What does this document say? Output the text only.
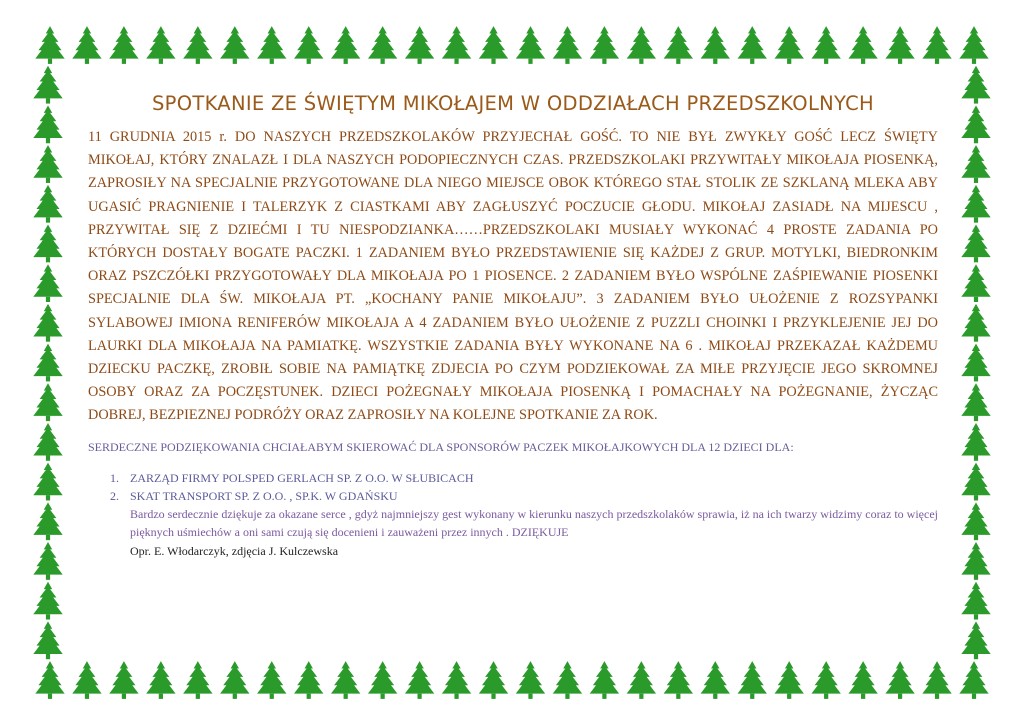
SPOTKANIE ZE ŚWIĘTYM MIKOŁAJEM W ODDZIAŁACH PRZEDSZKOLNYCH

11 GRUDNIA 2015 r. DO NASZYCH PRZEDSZKOLAKÓW PRZYJECHAŁ GOŚĆ. TO NIE BYŁ ZWYKŁY GOŚĆ LECZ ŚWIĘTY MIKOŁAJ, KTÓRY ZNALAZŁ I DLA NASZYCH PODOPIECZNYCH CZAS. PRZEDSZKOLAKI PRZYWITAŁY MIKOŁAJA PIOSENKĄ, ZAPROSIŁY NA SPECJALNIE PRZYGOTOWANE DLA NIEGO MIEJSCE OBOK KTÓREGO STAŁ STOLIK ZE SZKLANĄ MLEKA ABY UGASIĆ PRAGNIENIE I TALERZYK Z CIASTKAMI ABY ZAGŁUSZYĆ POCZUCIE GŁODU. MIKOŁAJ ZASIADŁ NA MIJESCU , PRZYWITAŁ SIĘ Z DZIEĆMI I TU NIESPODZIANKA……PRZEDSZKOLAKI MUSIAŁY WYKONAĆ 4 PROSTE ZADANIA PO KTÓRYCH DOSTAŁY BOGATE PACZKI. 1 ZADANIEM BYŁO PRZEDSTAWIENIE SIĘ KAŻDEJ Z GRUP. MOTYLKI, BIEDRONKIM ORAZ PSZCZÓŁKI PRZYGOTOWAŁY DLA MIKOŁAJA PO 1 PIOSENCE. 2 ZADANIEM BYŁO WSPÓLNE ZAŚPIEWANIE PIOSENKI SPECJALNIE DLA ŚW. MIKOŁAJA PT. „KOCHANY PANIE MIKOŁAJU”. 3 ZADANIEM BYŁO UŁOŻENIE Z ROZSYPANKI SYLABOWEJ IMIONA RENIFERÓW MIKOŁAJA A 4 ZADANIEM BYŁO UŁOŻENIE Z PUZZLI CHOINKI I PRZYKLEJENIE JEJ DO LAURKI DLA MIKOŁAJA NA PAMIATKĘ. WSZYSTKIE ZADANIA BYŁY WYKONANE NA 6 . MIKOŁAJ PRZEKAZAŁ KAŻDEMU DZIECKU PACZKĘ, ZROBIŁ SOBIE NA PAMIĄTKĘ ZDJECIA PO CZYM PODZIEKOWAŁ ZA MIŁE PRZYJĘCIE JEGO SKROMNEJ OSOBY ORAZ ZA POCZĘSTUNEK. DZIECI POŻEGNAŁY MIKOŁAJA PIOSENKĄ I POMACHAŁY NA POŻEGNANIE, ŻYCZĄC DOBREJ, BEZPIEZNEJ PODRÓŻY ORAZ ZAPROSIŁY NA KOLEJNE SPOTKANIE ZA ROK.

SERDECZNE PODZIĘKOWANIA CHCIAŁABYM SKIEROWAĆ DLA SPONSORÓW PACZEK MIKOŁAJKOWYCH DLA 12 DZIECI DLA:

1. ZARZĄD FIRMY POLSPED GERLACH SP. Z O.O. W SŁUBICACH
2. SKAT TRANSPORT SP. Z O.O. , SP.K. W GDAŃSKU

Bardzo serdecznie dziękuje za okazane serce , gdyż najmniejszy gest wykonany w kierunku naszych przedszkolaków sprawia, iż na ich twarzy widzimy coraz to więcej pięknych uśmiechów a oni sami czują się docenieni i zauważeni przez innych . DZIĘKUJE

Opr. E. Włodarczyk, zdjęcia J. Kulczewska
